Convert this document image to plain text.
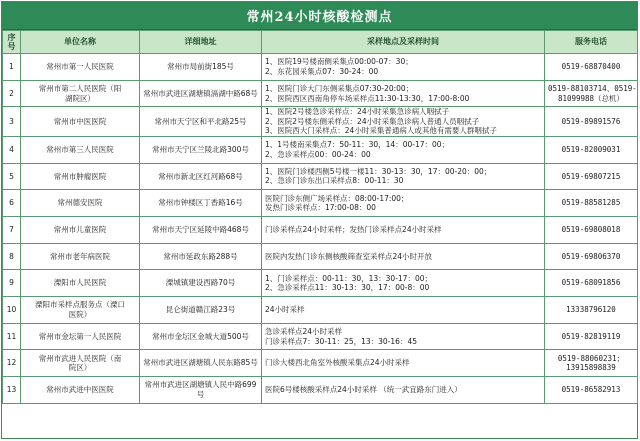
常州24小时核酸检测点
序号	单位名称	详细地址	采样地点及采样时间	服务电话
1	常州市第一人民医院	常州市局前街185号	1、医院19号楼南侧采集点00:00-07：30；
2、东花园采集点07：30-24：00	0519-68870400

2	常州市第二人民医院（阳
湖院区）	常州市武进区湖塘镇滆湖中路68号	1、医院门诊大门东侧采集点07:30-20:00；
2、医院西区西南角停车场采样点11:30-13:30，17:00-8:00	0519-88103714、0519-
81099988（总机）

3	常州市中医医院	常州市天宁区和平北路25号	1、医院2号楼急诊采样点：24小时采集急诊病人咽拭子
2、医院2号楼东侧采样点：24小时采集急诊病人普通人员咽拭子
3、医院西大门采样点：24小时采集普通病人或其他有需要人群咽拭子	0519-89891576

4	常州市第三人民医院	常州市天宁区兰陵北路300号	1、1号楼南采集点7：50-11：30，14：00-17：00；
2、急诊采样点00：00-24：00	0519-82009031

5	常州市肿瘤医院	常州市新北区红河路68号	1、医院门诊楼西侧5号楼一楼11：30-13：30，17：00-20：00；
2、急诊门诊东出口采样点8：00-11：30	0519-69807215

6	常州德安医院	常州市钟楼区丁香路16号	医院门诊东侧广场采样点：08:00-17:00；
发热门诊采样点：17:00-08：00	0519-88581285

7	常州市儿童医院	常州市天宁区延陵中路468号	门诊采样点24小时采样；发热门诊采样点24小时采样	0519-69808018

8	常州市老年病医院	常州市延政东路288号	医院内发热门诊东侧核酸筛查室采样点24小时开放	0519-69806370

9	溧阳市人民医院	溧城镇建设西路70号	1、门诊采样点：00-11：30，13：30-17：00；
2、急诊采样点11：30-13：30，17：00-8：00	0519-68091856

10	溧阳市采样点服务点（溧口
医院）	昆仑街道赣江路23号	24小时采样	13338796120

11	常州市金坛第一人民医院	常州市金坛区金城大道500号	急诊采样点24小时采样
门诊采样点7：30-11：25，13：30-16：45	0519-82819119

12	常州市武进人民医院（南
院区）	常州市武进区湖塘镇人民东路85号	门诊大楼西北角室外核酸采集点24小时采样	0519-88060231；
13915898839

13	常州市武进中医医院	常州市武进区湖塘镇人民中路699
号	医院6号楼核酸采样点24小时采样 （统一武宜路东门进入）	0519-86582913
